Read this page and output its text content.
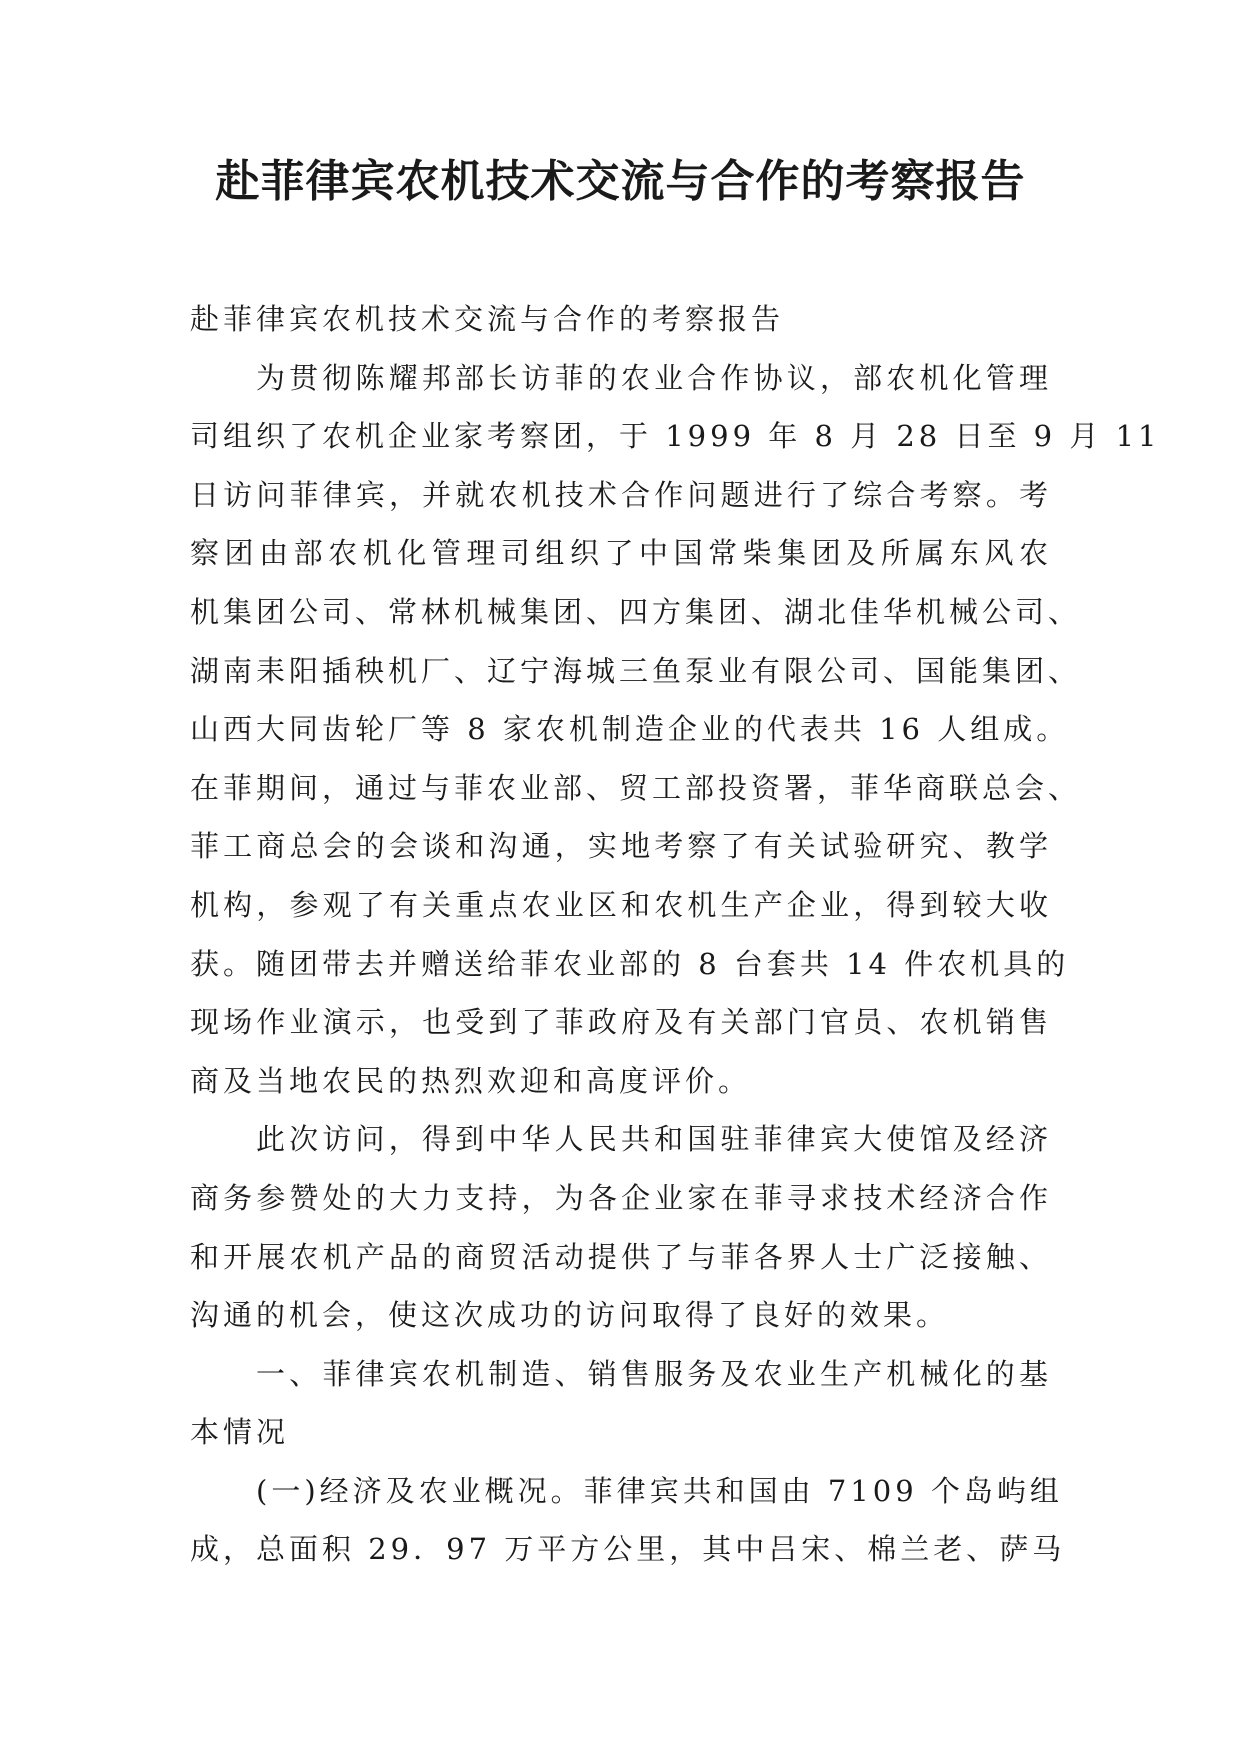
赴菲律宾农机技术交流与合作的考察报告
赴菲律宾农机技术交流与合作的考察报告
为贯彻陈耀邦部长访菲的农业合作协议，部农机化管理
司组织了农机企业家考察团，于 1999 年 8 月 28 日至 9 月 11
日访问菲律宾，并就农机技术合作问题进行了综合考察。考
察团由部农机化管理司组织了中国常柴集团及所属东风农
机集团公司、常林机械集团、四方集团、湖北佳华机械公司、
湖南耒阳插秧机厂、辽宁海城三鱼泵业有限公司、国能集团、
山西大同齿轮厂等 8 家农机制造企业的代表共 16 人组成。
在菲期间，通过与菲农业部、贸工部投资署，菲华商联总会、
菲工商总会的会谈和沟通，实地考察了有关试验研究、教学
机构，参观了有关重点农业区和农机生产企业，得到较大收
获。随团带去并赠送给菲农业部的 8 台套共 14 件农机具的
现场作业演示，也受到了菲政府及有关部门官员、农机销售
商及当地农民的热烈欢迎和高度评价。
此次访问，得到中华人民共和国驻菲律宾大使馆及经济
商务参赞处的大力支持，为各企业家在菲寻求技术经济合作
和开展农机产品的商贸活动提供了与菲各界人士广泛接触、
沟通的机会，使这次成功的访问取得了良好的效果。
一、菲律宾农机制造、销售服务及农业生产机械化的基
本情况
(一)经济及农业概况。菲律宾共和国由 7109 个岛屿组
成，总面积 29．97 万平方公里，其中吕宋、棉兰老、萨马
